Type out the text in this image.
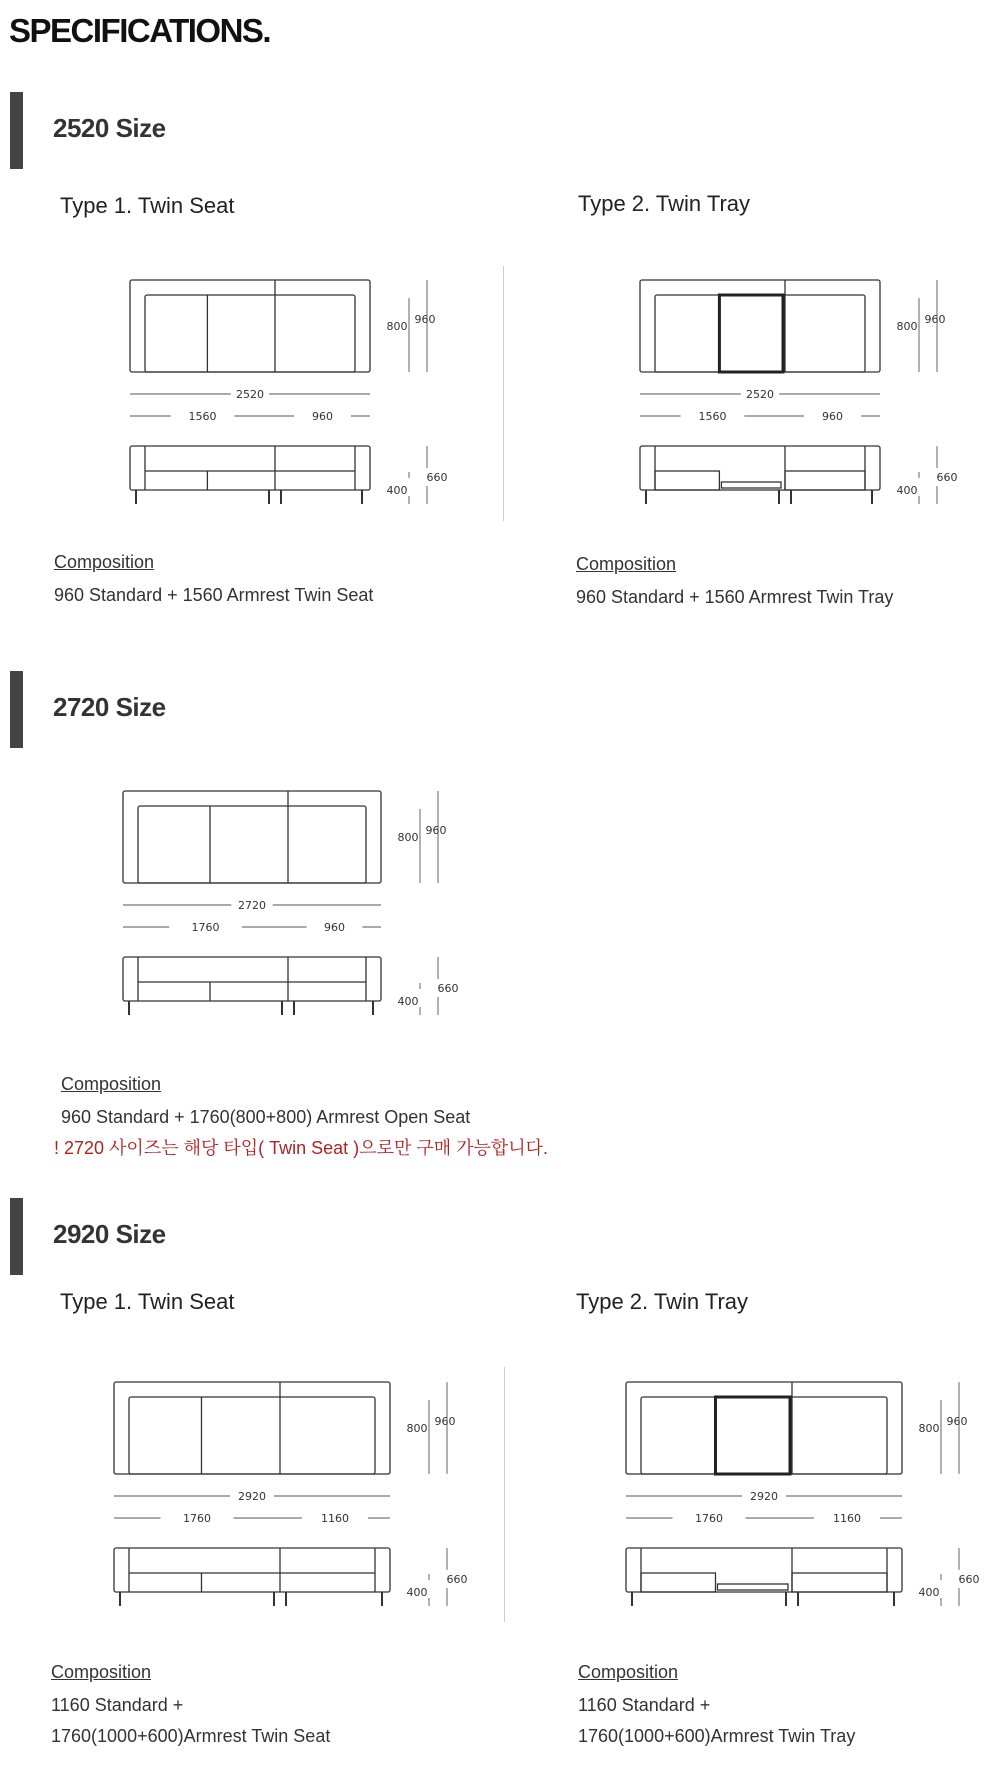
SPECIFICATIONS.
2520 Size
Type 1. Twin Seat	Type 2. Twin Tray
800
960
2520
1560	960
660
400
800
960
2520
1560	960
660
400
Composition
960 Standard + 1560 Armrest Twin Seat
Composition
960 Standard + 1560 Armrest Twin Tray
2720 Size
800
960
2720
1760	960
660
400
Composition
960 Standard + 1760(800+800) Armrest Open Seat
! 2720 사이즈는 해당 타입( Twin Seat )으로만 구매 가능합니다.
2920 Size
Type 1. Twin Seat	Type 2. Twin Tray
800
960
2920
1760	1160
660
400
800
960
2920
1760	1160
660
400
Composition
1160 Standard +
1760(1000+600)Armrest Twin Seat
Composition
1160 Standard +
1760(1000+600)Armrest Twin Tray
